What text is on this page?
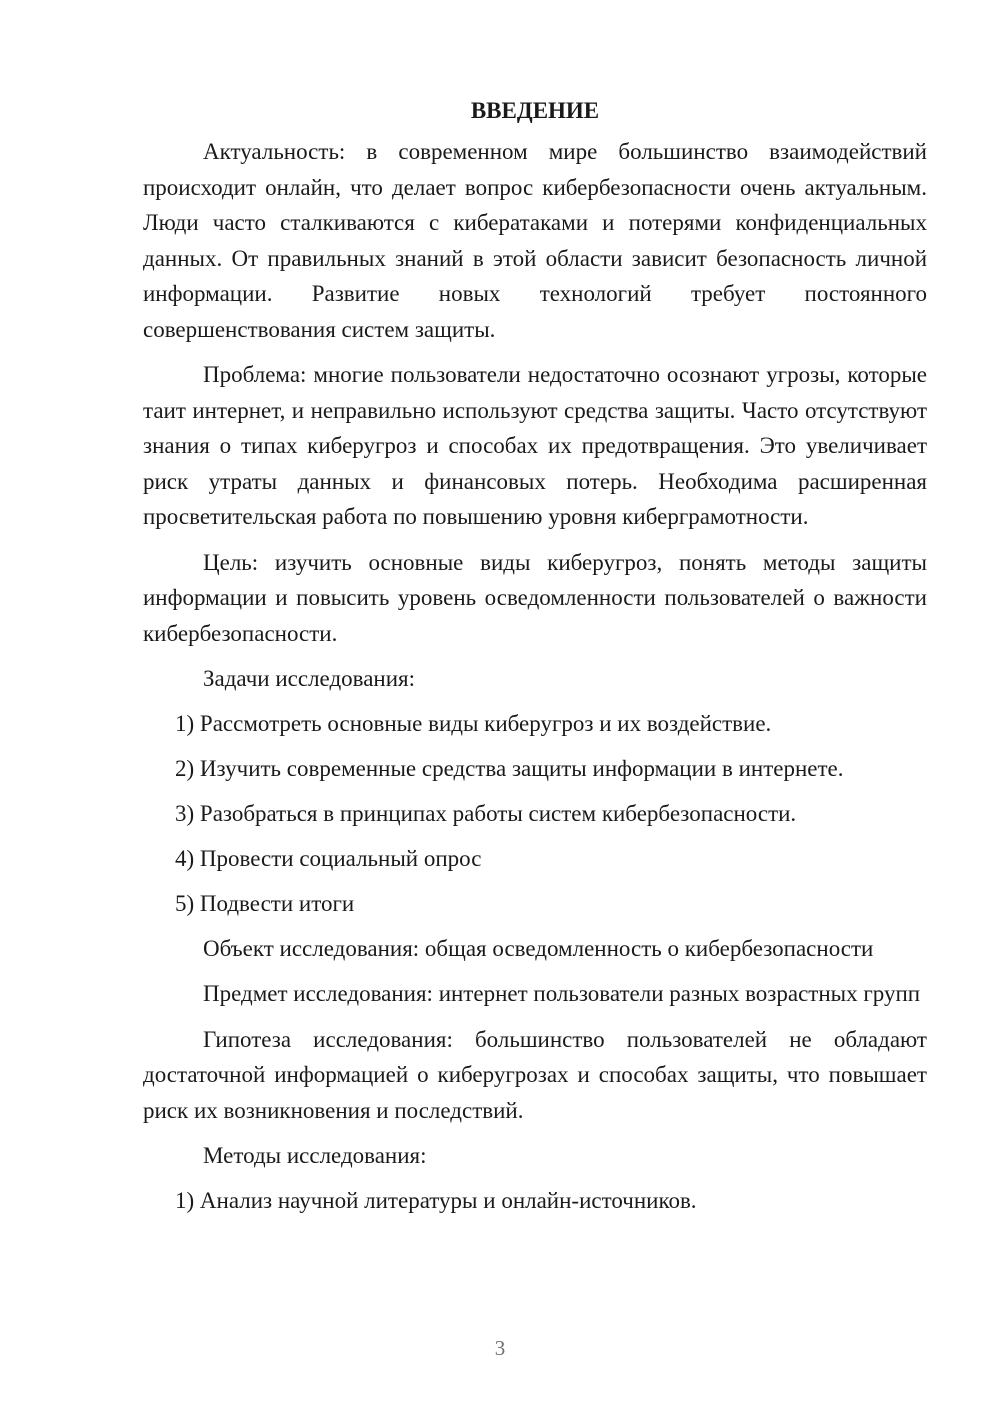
ВВЕДЕНИЕ

Актуальность: в современном мире большинство взаимодействий происходит онлайн, что делает вопрос кибербезопасности очень актуальным. Люди часто сталкиваются с кибератаками и потерями конфиденциальных данных. От правильных знаний в этой области зависит безопасность личной информации. Развитие новых технологий требует постоянного совершенствования систем защиты.

Проблема: многие пользователи недостаточно осознают угрозы, которые таит интернет, и неправильно используют средства защиты. Часто отсутствуют знания о типах киберугроз и способах их предотвращения. Это увеличивает риск утраты данных и финансовых потерь. Необходима расширенная просветительская работа по повышению уровня киберграмотности.

Цель: изучить основные виды киберугроз, понять методы защиты информации и повысить уровень осведомленности пользователей о важности кибербезопасности.

Задачи исследования:
1) Рассмотреть основные виды киберугроз и их воздействие.
2) Изучить современные средства защиты информации в интернете.
3) Разобраться в принципах работы систем кибербезопасности.
4) Провести социальный опрос
5) Подвести итоги
Объект исследования: общая осведомленность о кибербезопасности

Предмет исследования: интернет пользователи разных возрастных групп

Гипотеза исследования: большинство пользователей не обладают достаточной информацией о киберугрозах и способах защиты, что повышает риск их возникновения и последствий.

Методы исследования:
1) Анализ научной литературы и онлайн-источников.
3
